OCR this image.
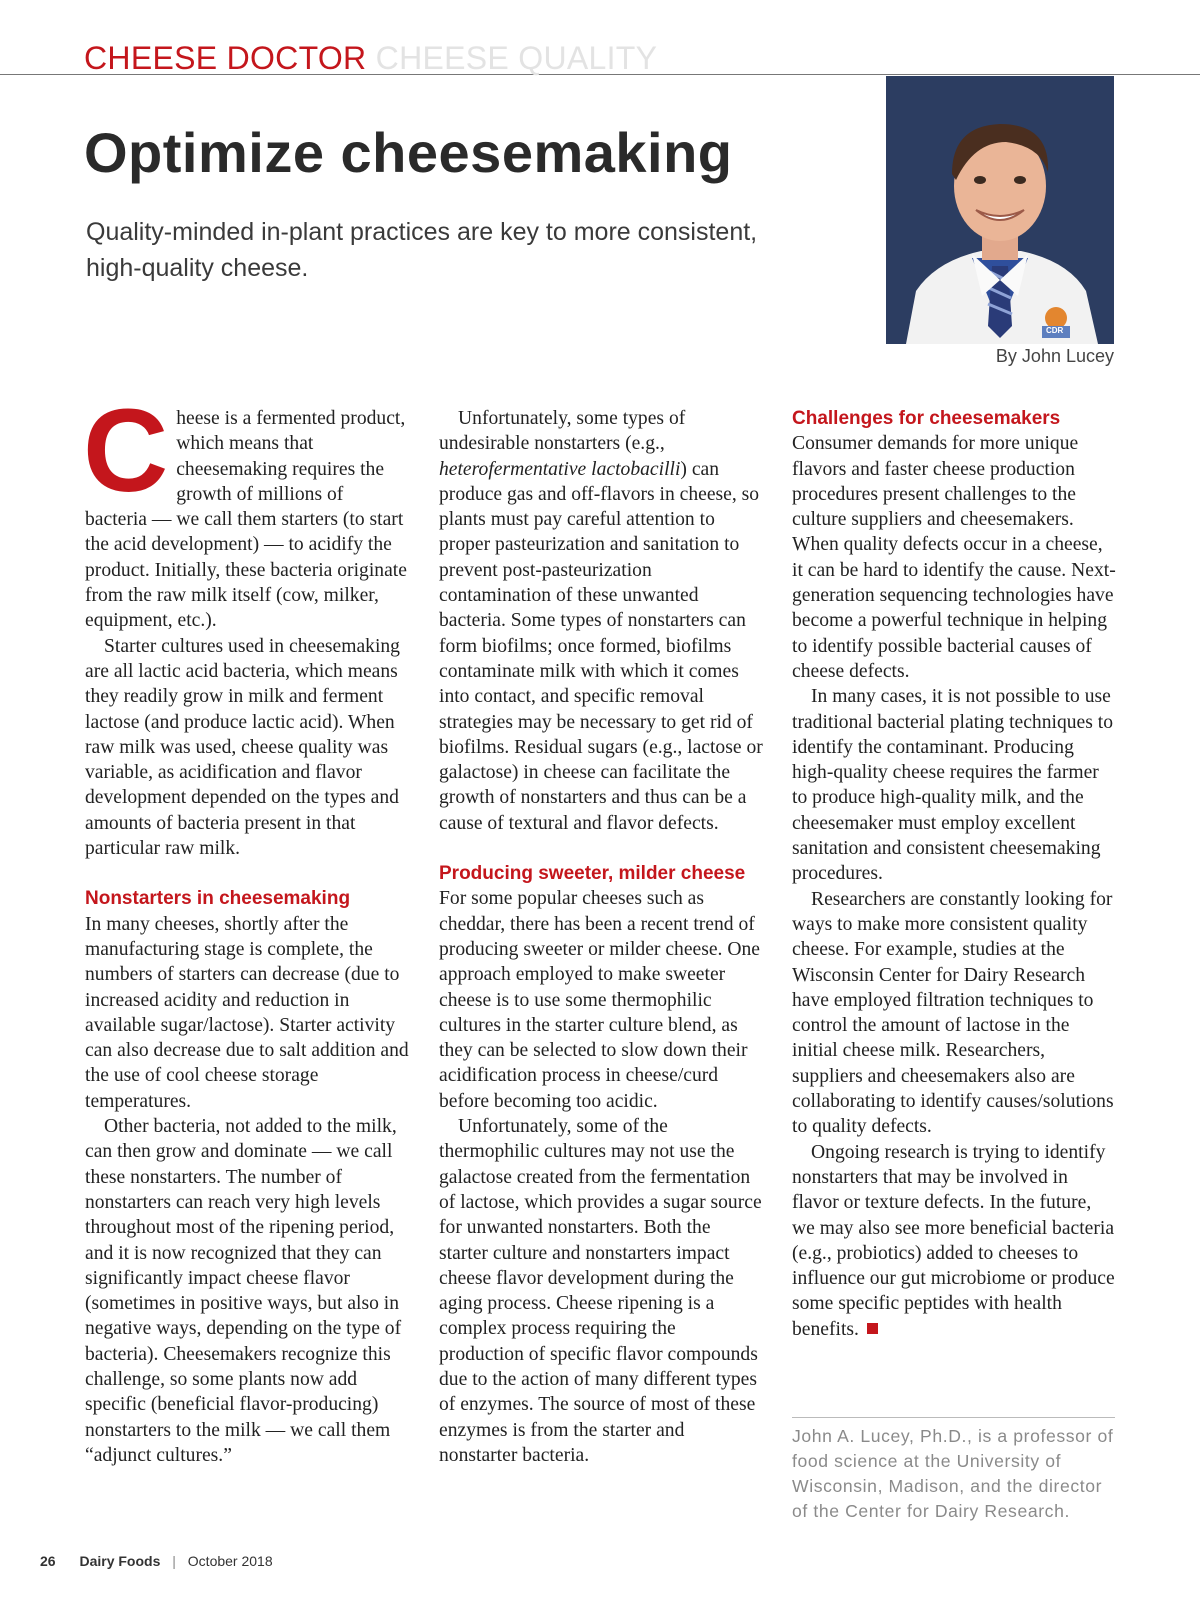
CHEESE DOCTOR CHEESE QUALITY
Optimize cheesemaking
Quality-minded in-plant practices are key to more consistent, high-quality cheese.
CDR
By John Lucey

Cheese is a fermented product, which means that cheesemaking requires the growth of millions of bacteria — we call them starters (to start the acid development) — to acidify the product. Initially, these bacteria originate from the raw milk itself (cow, milker, equipment, etc.).

Starter cultures used in cheesemaking are all lactic acid bacteria, which means they readily grow in milk and ferment lactose (and produce lactic acid). When raw milk was used, cheese quality was variable, as acidification and flavor development depended on the types and amounts of bacteria present in that particular raw milk.

Nonstarters in cheesemaking

In many cheeses, shortly after the manufacturing stage is complete, the numbers of starters can decrease (due to increased acidity and reduction in available sugar/lactose). Starter activity can also decrease due to salt addition and the use of cool cheese storage temperatures.

Other bacteria, not added to the milk, can then grow and dominate — we call these nonstarters. The number of nonstarters can reach very high levels throughout most of the ripening period, and it is now recognized that they can significantly impact cheese flavor (sometimes in positive ways, but also in negative ways, depending on the type of bacteria). Cheesemakers recognize this challenge, so some plants now add specific (beneficial flavor-producing) nonstarters to the milk — we call them “adjunct cultures.”

Unfortunately, some types of undesirable nonstarters (e.g., heterofermentative lactobacilli) can produce gas and off-flavors in cheese, so plants must pay careful attention to proper pasteurization and sanitation to prevent post-pasteurization contamination of these unwanted bacteria. Some types of nonstarters can form biofilms; once formed, biofilms contaminate milk with which it comes into contact, and specific removal strategies may be necessary to get rid of biofilms. Residual sugars (e.g., lactose or galactose) in cheese can facilitate the growth of nonstarters and thus can be a cause of textural and flavor defects.

Producing sweeter, milder cheese

For some popular cheeses such as cheddar, there has been a recent trend of producing sweeter or milder cheese. One approach employed to make sweeter cheese is to use some thermophilic cultures in the starter culture blend, as they can be selected to slow down their acidification process in cheese/curd before becoming too acidic.

Unfortunately, some of the thermophilic cultures may not use the galactose created from the fermentation of lactose, which provides a sugar source for unwanted nonstarters. Both the starter culture and nonstarters impact cheese flavor development during the aging process. Cheese ripening is a complex process requiring the production of specific flavor compounds due to the action of many different types of enzymes. The source of most of these enzymes is from the starter and nonstarter bacteria.

Challenges for cheesemakers

Consumer demands for more unique flavors and faster cheese production procedures present challenges to the culture suppliers and cheesemakers. When quality defects occur in a cheese, it can be hard to identify the cause. Next-generation sequencing technologies have become a powerful technique in helping to identify possible bacterial causes of cheese defects.

In many cases, it is not possible to use traditional bacterial plating techniques to identify the contaminant. Producing high-quality cheese requires the farmer to produce high-quality milk, and the cheesemaker must employ excellent sanitation and consistent cheesemaking procedures.

Researchers are constantly looking for ways to make more consistent quality cheese. For example, studies at the Wisconsin Center for Dairy Research have employed filtration techniques to control the amount of lactose in the initial cheese milk. Researchers, suppliers and cheesemakers also are collaborating to identify causes/solutions to quality defects.

Ongoing research is trying to identify nonstarters that may be involved in flavor or texture defects. In the future, we may also see more beneficial bacteria (e.g., probiotics) added to cheeses to influence our gut microbiome or produce some specific peptides with health benefits.

John A. Lucey, Ph.D., is a professor of food science at the University of Wisconsin, Madison, and the director of the Center for Dairy Research.
26 Dairy Foods | October 2018
